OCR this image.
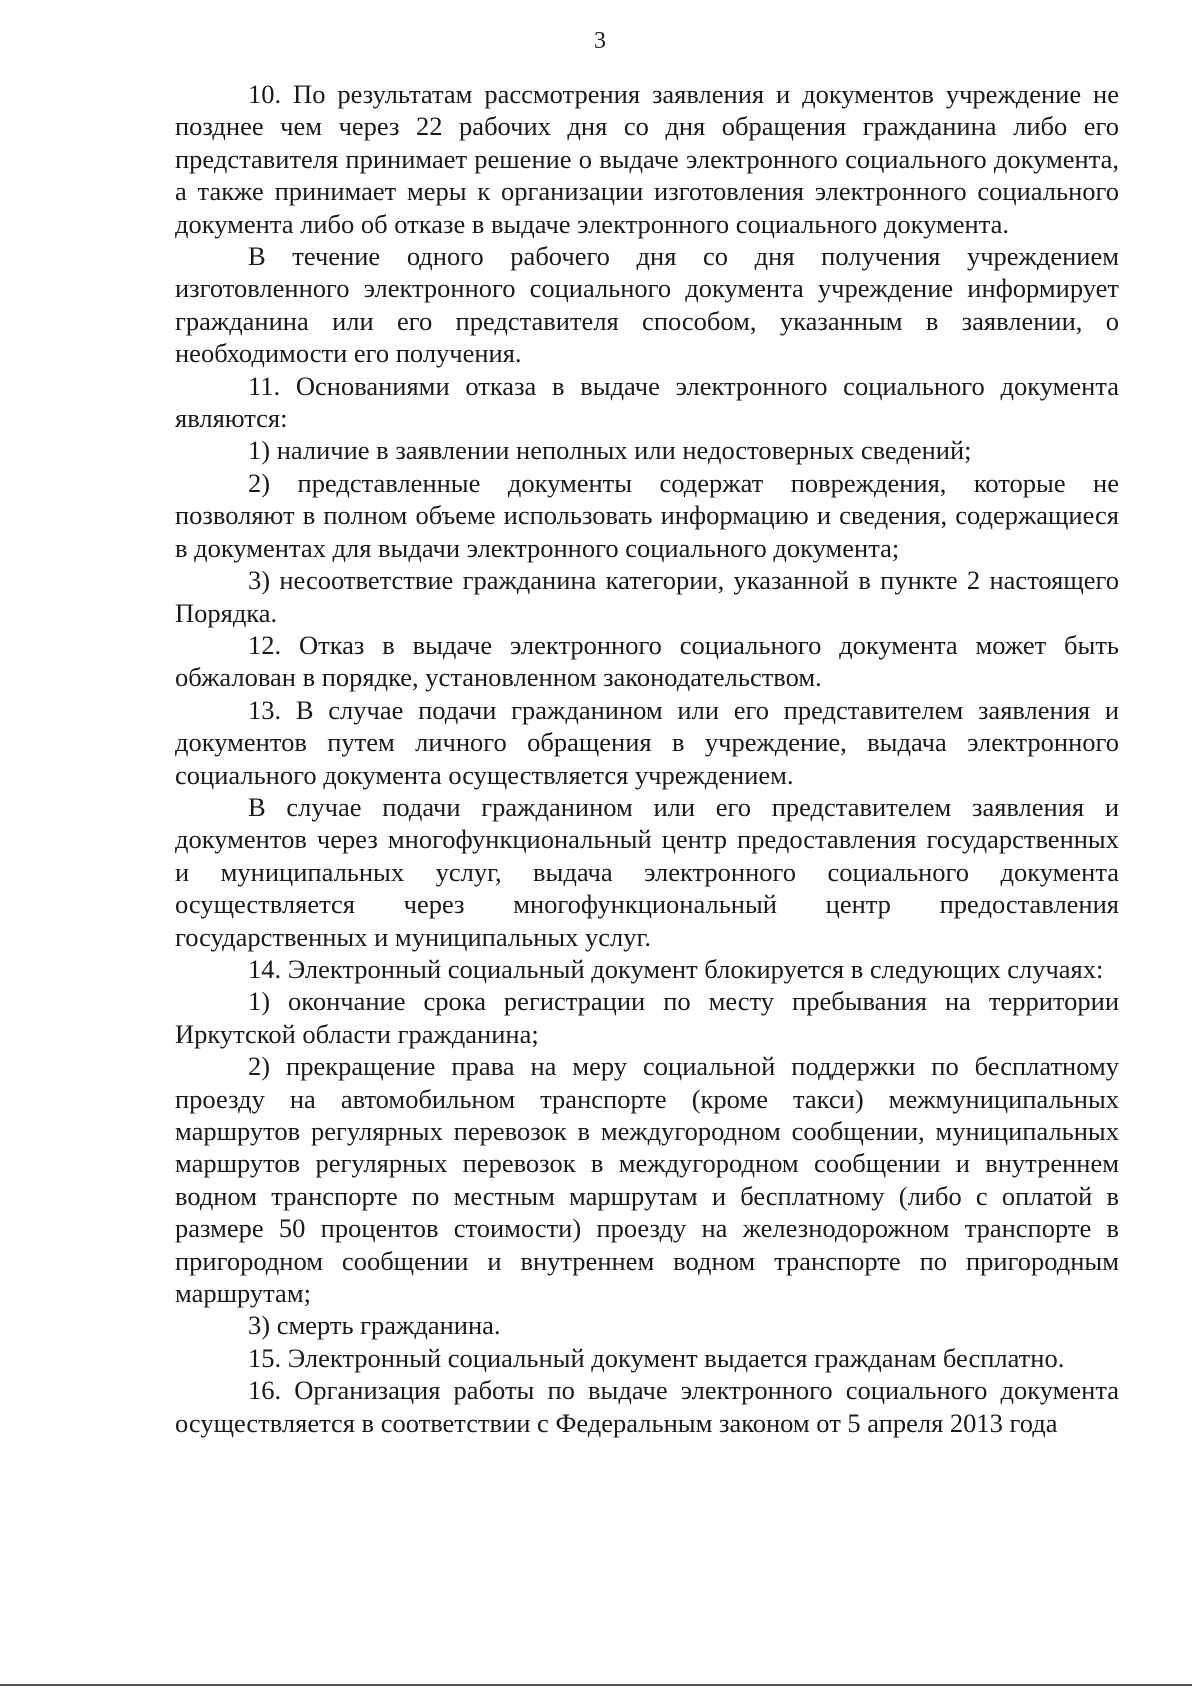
3

10. По результатам рассмотрения заявления и документов учреждение не позднее чем через 22 рабочих дня со дня обращения гражданина либо его представителя принимает решение о выдаче электронного социального документа, а также принимает меры к организации изготовления электронного социального документа либо об отказе в выдаче электронного социального документа.

В течение одного рабочего дня со дня получения учреждением изготовленного электронного социального документа учреждение информирует гражданина или его представителя способом, указанным в заявлении, о необходимости его получения.

11. Основаниями отказа в выдаче электронного социального документа являются:

1) наличие в заявлении неполных или недостоверных сведений;

2) представленные документы содержат повреждения, которые не позволяют в полном объеме использовать информацию и сведения, содержащиеся в документах для выдачи электронного социального документа;

3) несоответствие гражданина категории, указанной в пункте 2 настоящего Порядка.

12. Отказ в выдаче электронного социального документа может быть обжалован в порядке, установленном законодательством.

13. В случае подачи гражданином или его представителем заявления и документов путем личного обращения в учреждение, выдача электронного социального документа осуществляется учреждением.

В случае подачи гражданином или его представителем заявления и документов через многофункциональный центр предоставления государственных и муниципальных услуг, выдача электронного социального документа осуществляется через многофункциональный центр предоставления государственных и муниципальных услуг.

14. Электронный социальный документ блокируется в следующих случаях:

1) окончание срока регистрации по месту пребывания на территории Иркутской области гражданина;

2) прекращение права на меру социальной поддержки по бесплатному проезду на автомобильном транспорте (кроме такси) межмуниципальных маршрутов регулярных перевозок в междугородном сообщении, муниципальных маршрутов регулярных перевозок в междугородном сообщении и внутреннем водном транспорте по местным маршрутам и бесплатному (либо с оплатой в размере 50 процентов стоимости) проезду на железнодорожном транспорте в пригородном сообщении и внутреннем водном транспорте по пригородным маршрутам;

3) смерть гражданина.

15. Электронный социальный документ выдается гражданам бесплатно.

16. Организация работы по выдаче электронного социального документа осуществляется в соответствии с Федеральным законом от 5 апреля 2013 года
